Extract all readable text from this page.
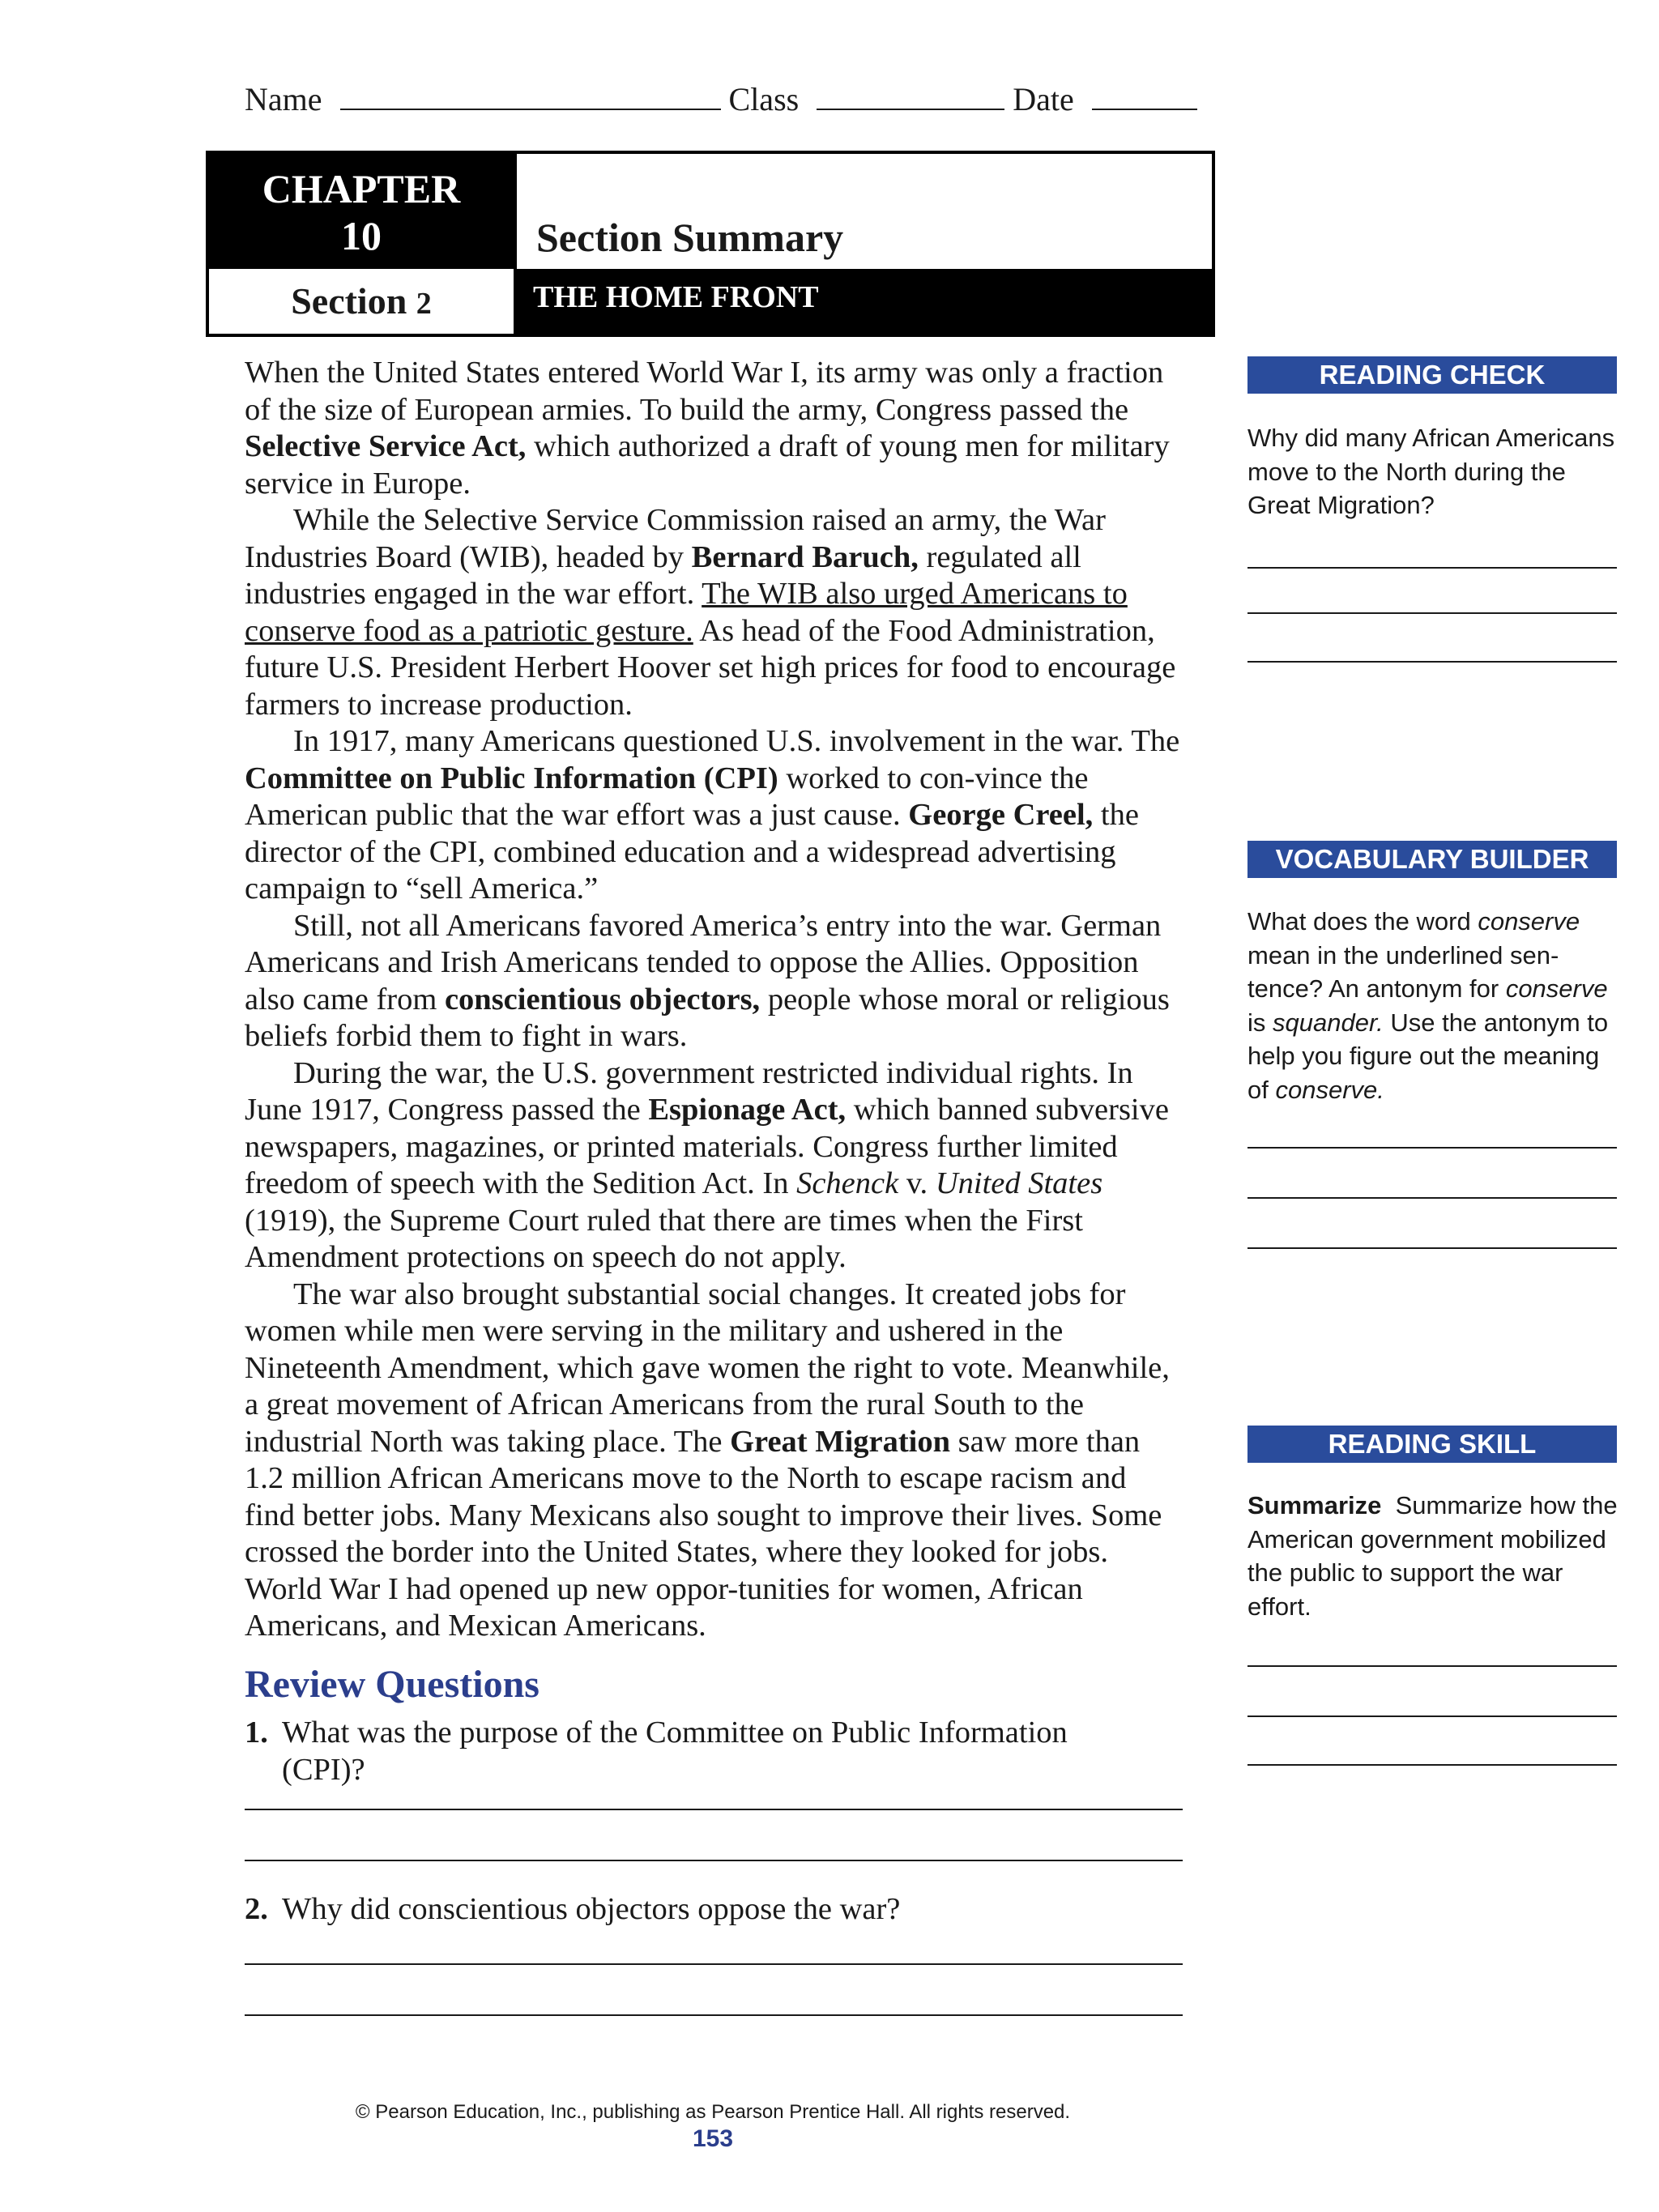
Name	Class	Date
CHAPTER
10	Section Summary
Section 2	THE HOME FRONT

When the United States entered World War I, its army was only a fraction of the size of European armies. To build the army, Congress passed the Selective Service Act, which authorized a draft of young men for military service in Europe.

While the Selective Service Commission raised an army, the War Industries Board (WIB), headed by Bernard Baruch, regulated all industries engaged in the war effort. The WIB also urged Americans to conserve food as a patriotic gesture. As head of the Food Administration, future U.S. President Herbert Hoover set high prices for food to encourage farmers to increase production.

In 1917, many Americans questioned U.S. involvement in the war. The Committee on Public Information (CPI) worked to con-vince the American public that the war effort was a just cause. George Creel, the director of the CPI, combined education and a widespread advertising campaign to “sell America.”

Still, not all Americans favored America’s entry into the war. German Americans and Irish Americans tended to oppose the Allies. Opposition also came from conscientious objectors, people whose moral or religious beliefs forbid them to fight in wars.

During the war, the U.S. government restricted individual rights. In June 1917, Congress passed the Espionage Act, which banned subversive newspapers, magazines, or printed materials. Congress further limited freedom of speech with the Sedition Act. In Schenck v. United States (1919), the Supreme Court ruled that there are times when the First Amendment protections on speech do not apply.

The war also brought substantial social changes. It created jobs for women while men were serving in the military and ushered in the Nineteenth Amendment, which gave women the right to vote. Meanwhile, a great movement of African Americans from the rural South to the industrial North was taking place. The Great Migration saw more than 1.2 million African Americans move to the North to escape racism and find better jobs. Many Mexicans also sought to improve their lives. Some crossed the border into the United States, where they looked for jobs. World War I had opened up new oppor-tunities for women, African Americans, and Mexican Americans.

Review Questions
1. What was the purpose of the Committee on Public Information (CPI)?
2. Why did conscientious objectors oppose the war?
READING CHECK
Why did many African Americans move to the North during the Great Migration?
VOCABULARY BUILDER
What does the word conserve mean in the underlined sen-tence? An antonym for conserve is squander. Use the antonym to help you figure out the meaning of conserve.
READING SKILL
Summarize  Summarize how the American government mobilized the public to support the war effort.
© Pearson Education, Inc., publishing as Pearson Prentice Hall. All rights reserved.
153
